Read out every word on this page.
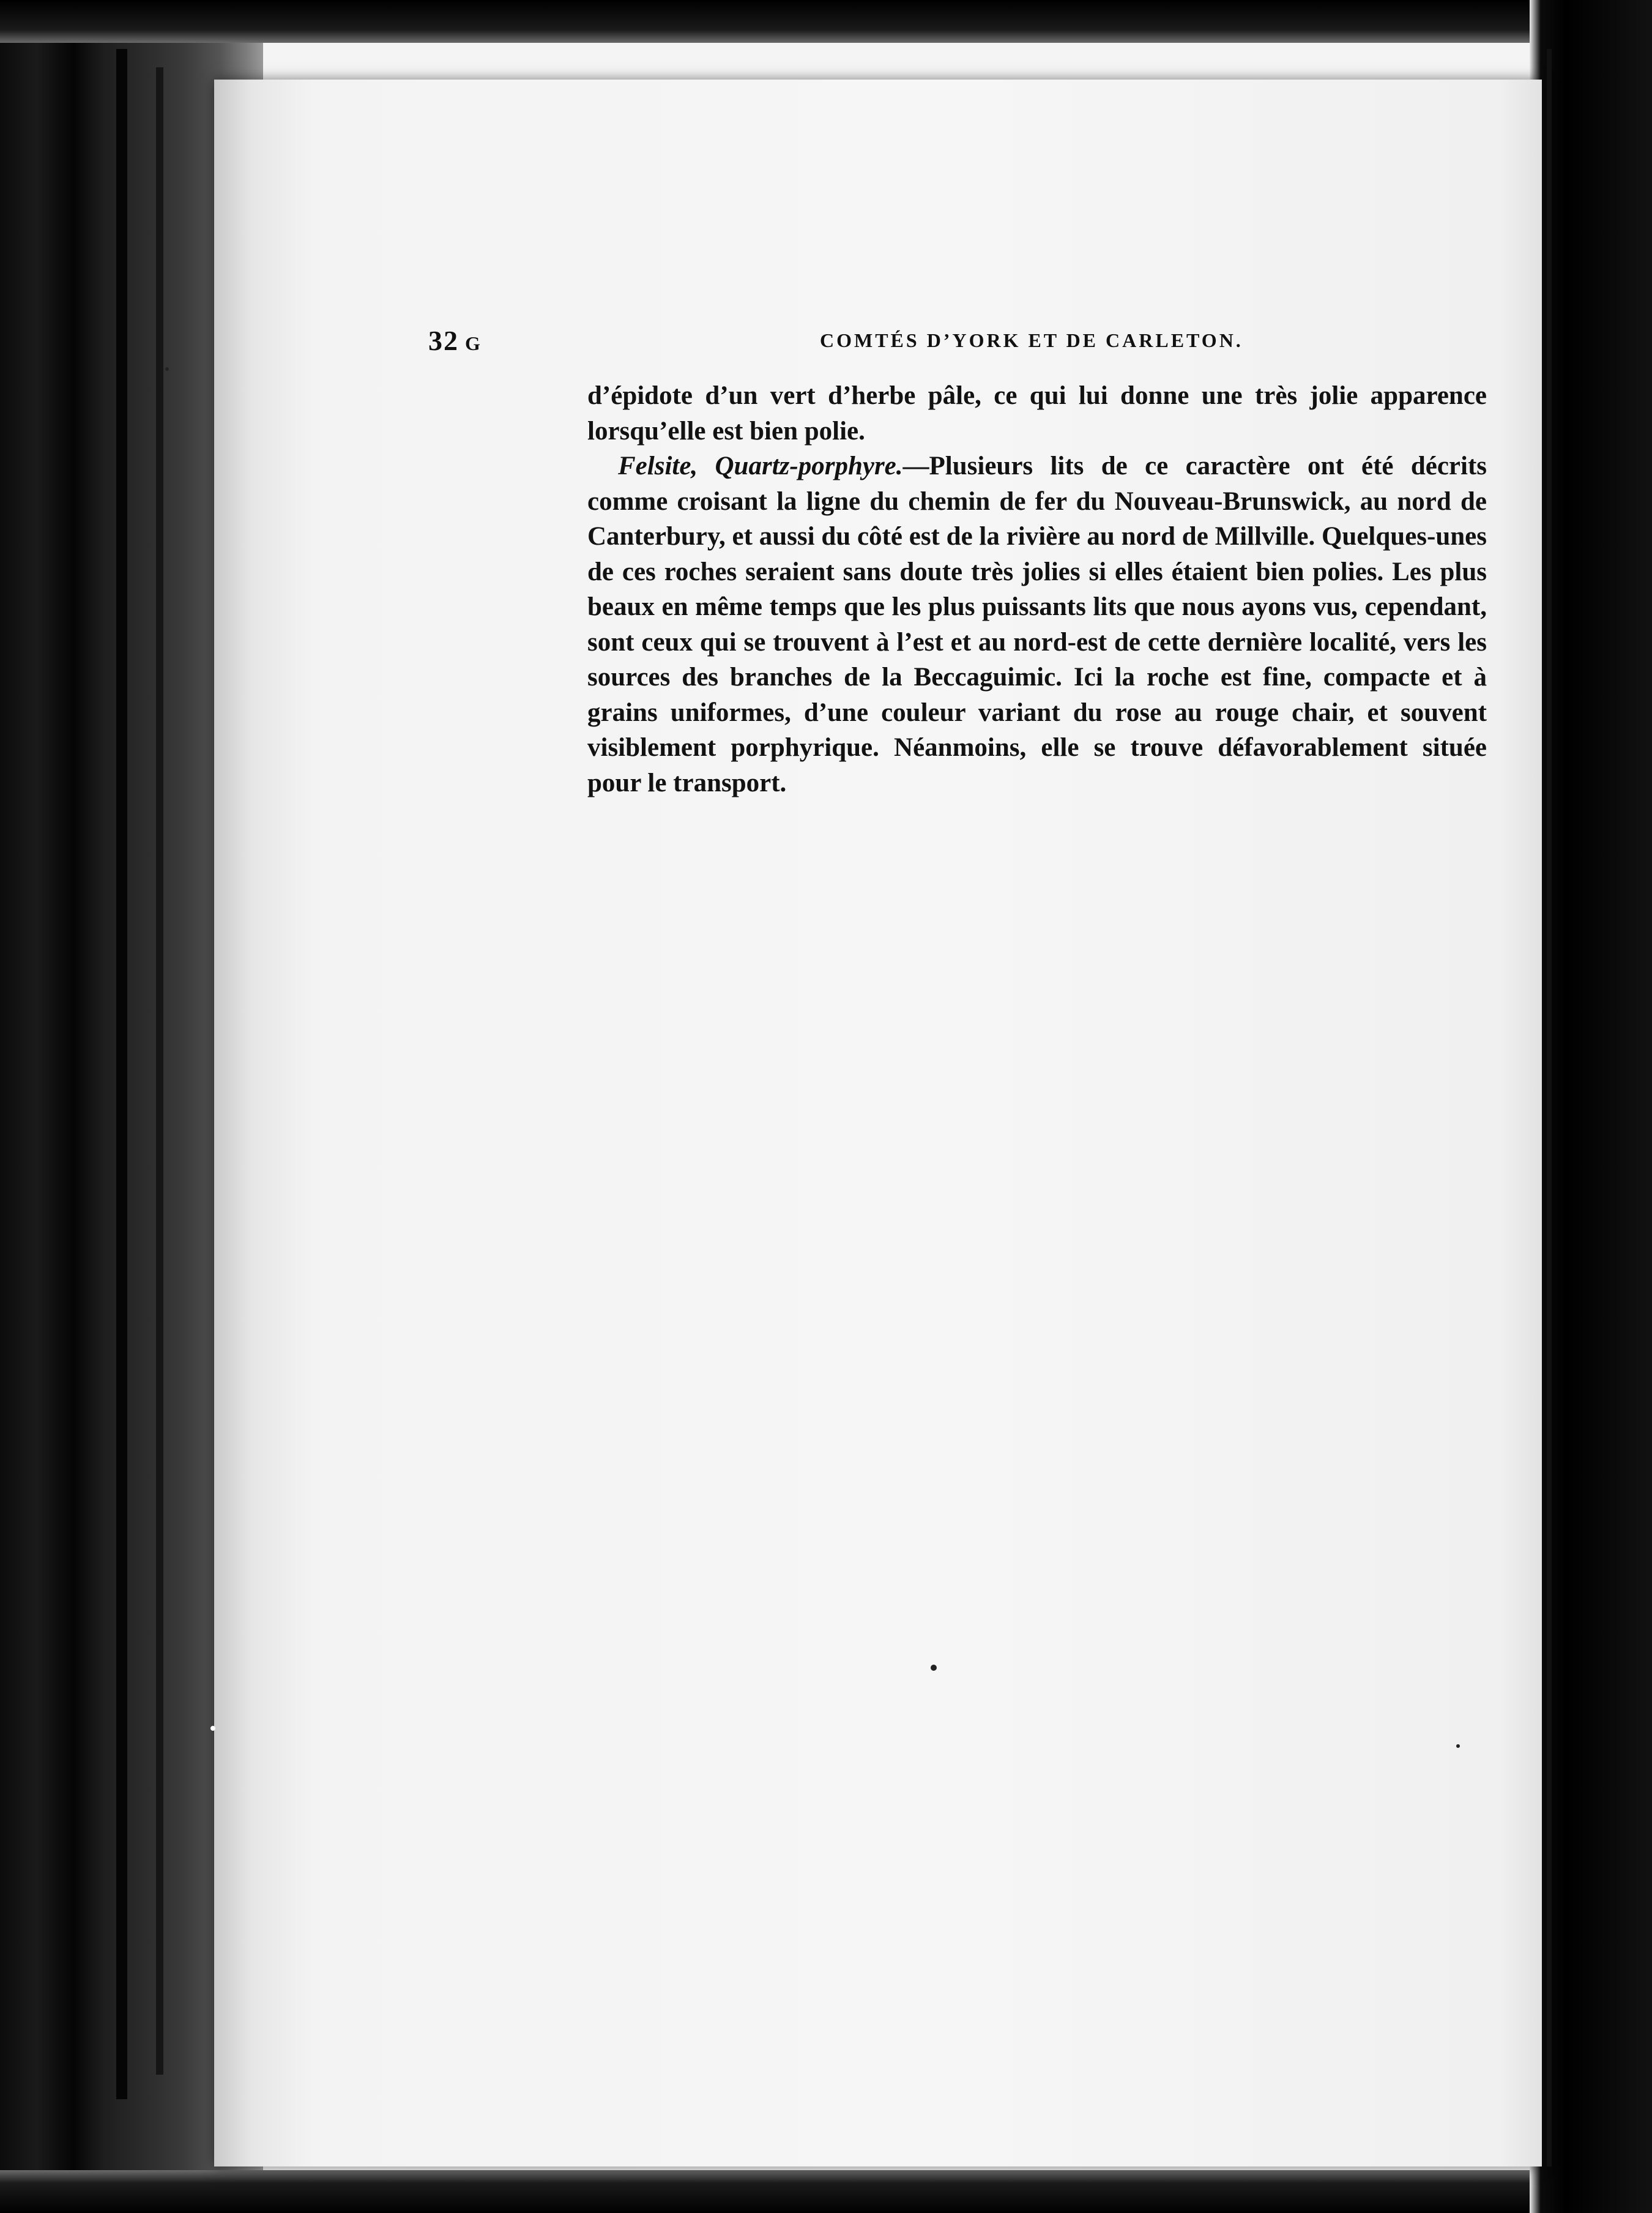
32 G	COMTÉS D’YORK ET DE CARLETON.

d’épidote d’un vert d’herbe pâle, ce qui lui donne une très jolie apparence lorsqu’elle est bien polie.

Felsite, Quartz-porphyre.—Plusieurs lits de ce caractère ont été décrits comme croisant la ligne du chemin de fer du Nouveau-Brunswick, au nord de Canterbury, et aussi du côté est de la rivière au nord de Millville. Quelques-unes de ces roches seraient sans doute très jolies si elles étaient bien polies. Les plus beaux en même temps que les plus puissants lits que nous ayons vus, cependant, sont ceux qui se trouvent à l’est et au nord-est de cette dernière localité, vers les sources des branches de la Beccaguimic. Ici la roche est fine, compacte et à grains uniformes, d’une couleur variant du rose au rouge chair, et souvent visiblement porphyrique. Néanmoins, elle se trouve défavorablement située pour le transport.
